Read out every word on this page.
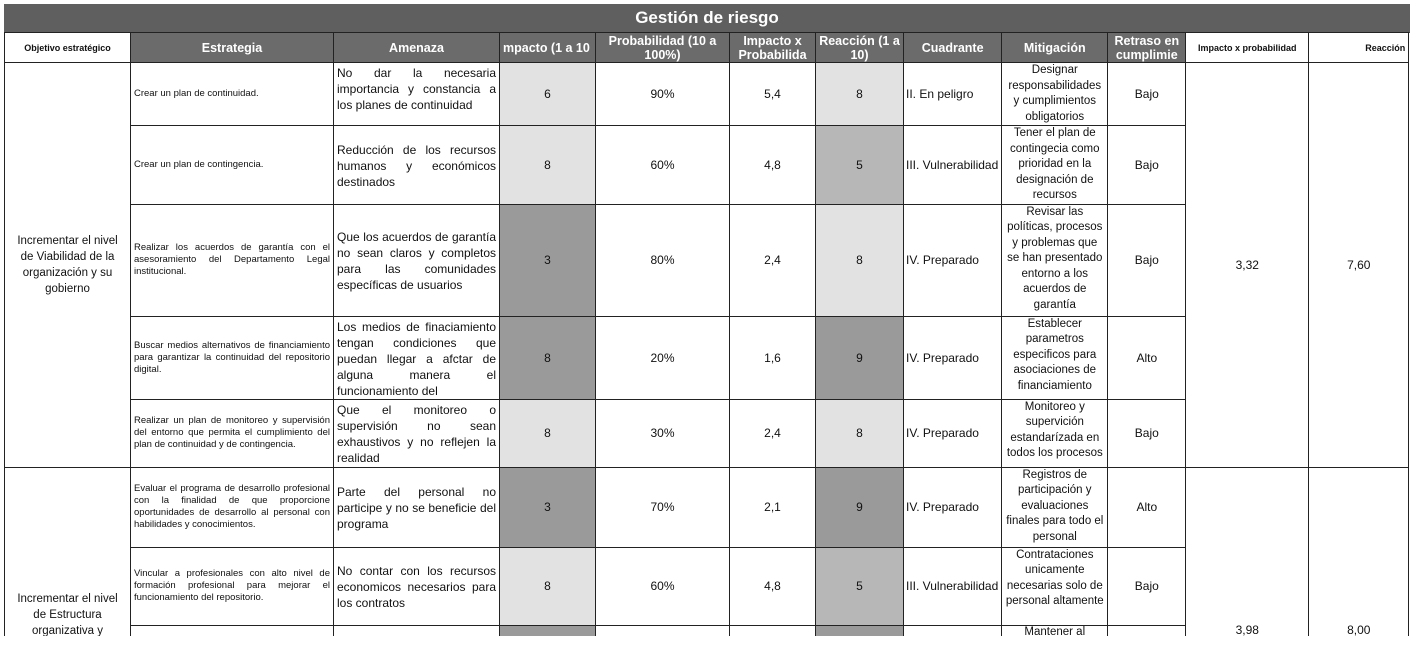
Gestión de riesgo
Objetivo estratégico	Estrategia	Amenaza	mpacto (1 a 10	Probabilidad (10 a 100%)	Impacto x Probabilida	Reacción (1 a 10)	Cuadrante	Mitigación	Retraso en cumplimie	Impacto x probabilidad	Reacción
Incrementar el nivel de Viabilidad de la organización y su gobierno	Crear un plan de continuidad.	No dar la necesaria importancia y constancia a los planes de continuidad	6	90%	5,4	8	II. En peligro	Designar responsabilidades y cumplimientos obligatorios	Bajo	3,32	7,60
	Crear un plan de contingencia.	Reducción de los recursos humanos y económicos destinados	8	60%	4,8	5	III. Vulnerabilidad	Tener el plan de contingecia como prioridad en la designación de recursos	Bajo		
	Realizar los acuerdos de garantía con el asesoramiento del Departamento Legal institucional.	Que los acuerdos de garantía no sean claros y completos para las comunidades específicas de usuarios	3	80%	2,4	8	IV. Preparado	Revisar las políticas, procesos y problemas que se han presentado entorno a los acuerdos de garantía	Bajo		
	Buscar medios alternativos de financiamiento para garantizar la continuidad del repositorio digital.	Los medios de finaciamiento tengan condiciones que puedan llegar a afctar de alguna manera el funcionamiento del	8	20%	1,6	9	IV. Preparado	Establecer parametros especificos para asociaciones de financiamiento	Alto		
	Realizar un plan de monitoreo y supervisión del entorno que permita el cumplimiento del plan de continuidad y de contingencia.	Que el monitoreo o supervisión no sean exhaustivos y no reflejen la realidad	8	30%	2,4	8	IV. Preparado	Monitoreo y supervición estandarízada en todos los procesos	Bajo		
Incrementar el nivel de Estructura organizativa y	Evaluar el programa de desarrollo profesional con la finalidad de que proporcione oportunidades de desarrollo al personal con habilidades y conocimientos.	Parte del personal no participe y no se beneficie del programa	3	70%	2,1	9	IV. Preparado	Registros de participación y evaluaciones finales para todo el personal	Alto	3,98	8,00
	Vincular a profesionales con alto nivel de formación profesional para mejorar el funcionamiento del repositorio.	No contar con los recursos economicos necesarios para los contratos	8	60%	4,8	5	III. Vulnerabilidad	Contrataciones unicamente necesarias solo de personal altamente	Bajo		
								Mantener al			
